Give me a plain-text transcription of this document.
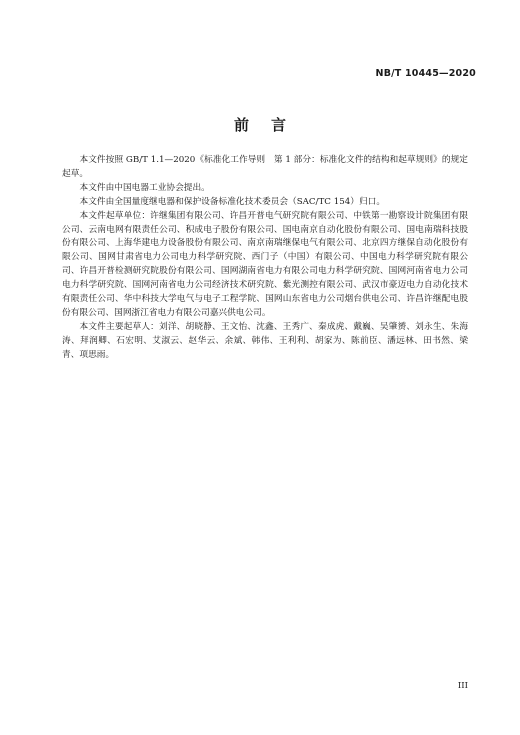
NB/T 10445—2020
前言

本文件按照 GB/T 1.1—2020《标准化工作导则　第 1 部分：标准化文件的结构和起草规则》的规定起草。

本文件由中国电器工业协会提出。

本文件由全国量度继电器和保护设备标准化技术委员会（SAC/TC 154）归口。

本文件起草单位：许继集团有限公司、许昌开普电气研究院有限公司、中铁第一勘察设计院集团有限公司、云南电网有限责任公司、积成电子股份有限公司、国电南京自动化股份有限公司、国电南瑞科技股份有限公司、上海华建电力设备股份有限公司、南京南瑞继保电气有限公司、北京四方继保自动化股份有限公司、国网甘肃省电力公司电力科学研究院、西门子（中国）有限公司、中国电力科学研究院有限公司、许昌开普检测研究院股份有限公司、国网湖南省电力有限公司电力科学研究院、国网河南省电力公司电力科学研究院、国网河南省电力公司经济技术研究院、紫光测控有限公司、武汉市豪迈电力自动化技术有限责任公司、华中科技大学电气与电子工程学院、国网山东省电力公司烟台供电公司、许昌许继配电股份有限公司、国网浙江省电力有限公司嘉兴供电公司。

本文件主要起草人：刘洋、胡晓静、王文怡、沈鑫、王秀广、秦成虎、戴巍、吴肇赟、刘永生、朱海涛、拜润卿、石宏明、艾淑云、赵华云、余斌、韩伟、王利利、胡家为、陈前臣、潘远林、田书然、梁青、项思雨。

III
